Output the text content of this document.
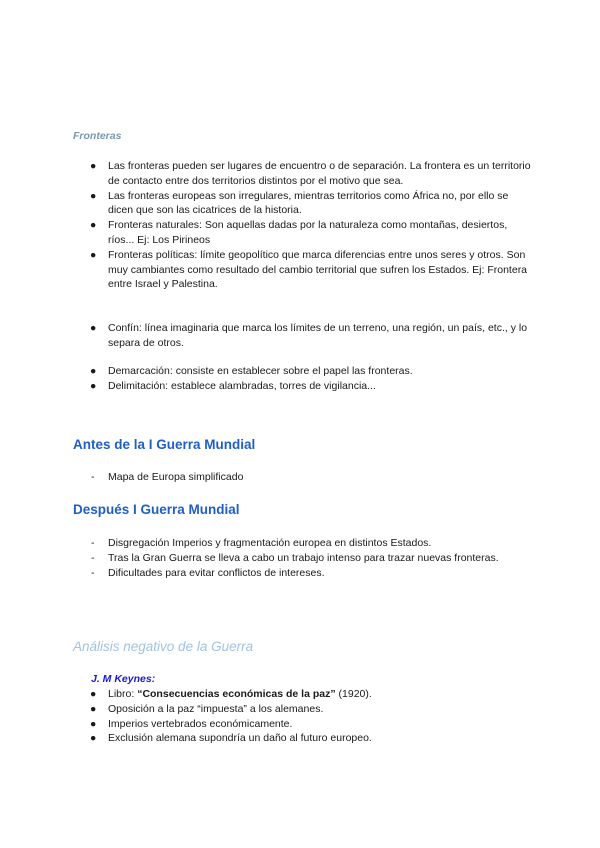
Fronteras
●	Las fronteras pueden ser lugares de encuentro o de separación. La frontera es un territorio de contacto entre dos territorios distintos por el motivo que sea.
●	Las fronteras europeas son irregulares, mientras territorios como África no, por ello se dicen que son las cicatrices de la historia.
●	Fronteras naturales: Son aquellas dadas por la naturaleza como montañas, desiertos, ríos... Ej: Los Pirineos
●	Fronteras políticas: límite geopolítico que marca diferencias entre unos seres y otros. Son muy cambiantes como resultado del cambio territorial que sufren los Estados. Ej: Frontera entre Israel y Palestina.
●	Confín: línea imaginaria que marca los límites de un terreno, una región, un país, etc., y lo separa de otros.
●	Demarcación: consiste en establecer sobre el papel las fronteras.
●	Delimitación: establece alambradas, torres de vigilancia...
Antes de la I Guerra Mundial
-	Mapa de Europa simplificado
Después I Guerra Mundial
-	Disgregación Imperios y fragmentación europea en distintos Estados.
-	Tras la Gran Guerra se lleva a cabo un trabajo intenso para trazar nuevas fronteras.
-	Dificultades para evitar conflictos de intereses.
Análisis negativo de la Guerra
J. M Keynes:
●	Libro: “Consecuencias económicas de la paz” (1920).
●	Oposición a la paz “impuesta” a los alemanes.
●	Imperios vertebrados económicamente.
●	Exclusión alemana supondría un daño al futuro europeo.
